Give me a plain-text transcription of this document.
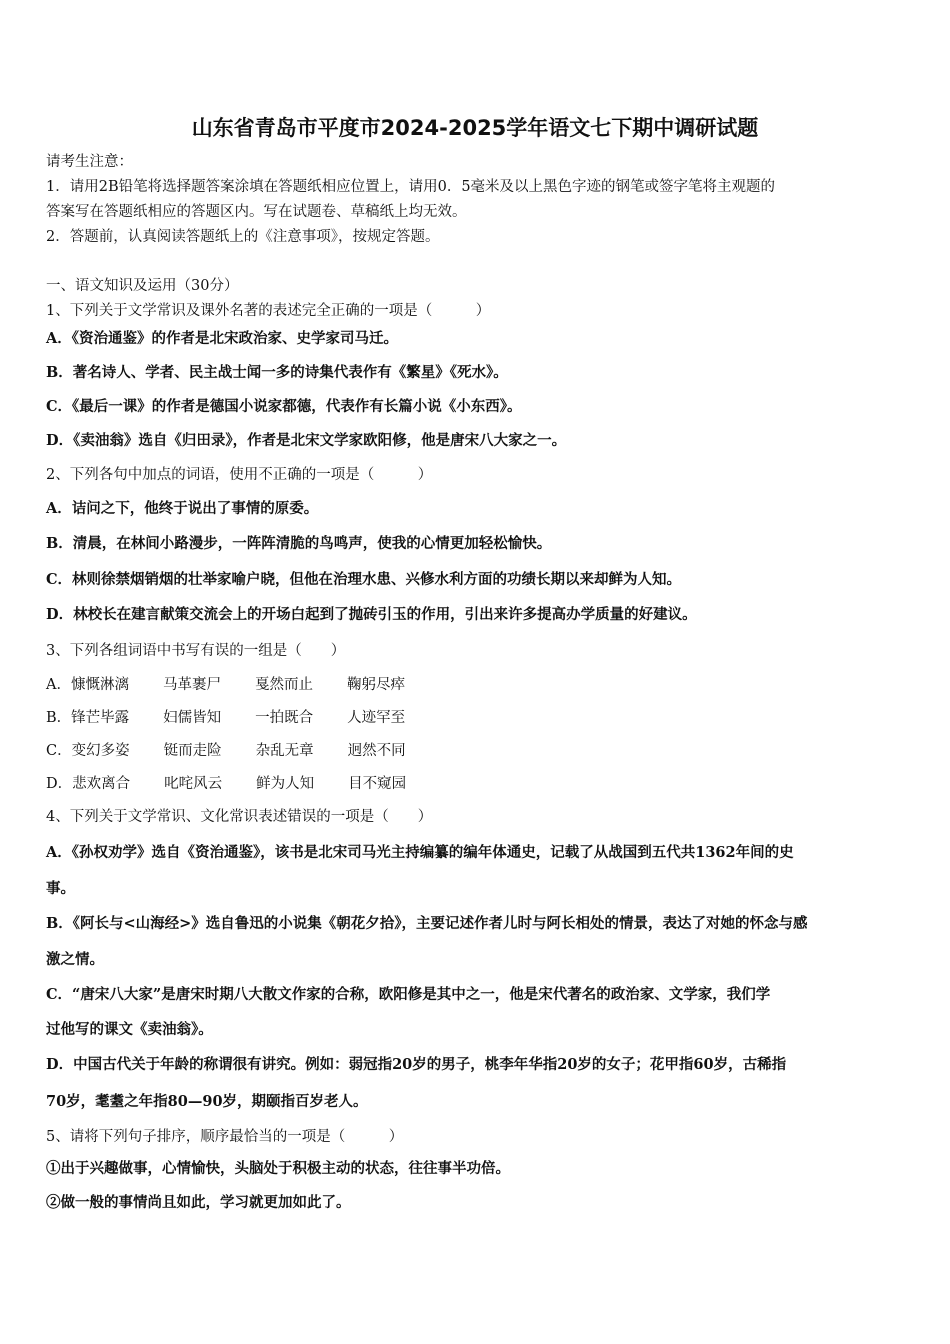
山东省青岛市平度市2024-2025学年语文七下期中调研试题
请考生注意：
1．请用2B铅笔将选择题答案涂填在答题纸相应位置上，请用0．5毫米及以上黑色字迹的钢笔或签字笔将主观题的
答案写在答题纸相应的答题区内。写在试题卷、草稿纸上均无效。
2．答题前，认真阅读答题纸上的《注意事项》，按规定答题。
一、语文知识及运用（30分）
1、下列关于文学常识及课外名著的表述完全正确的一项是（　　　）
A．《资治通鉴》的作者是北宋政治家、史学家司马迁。
B．著名诗人、学者、民主战士闻一多的诗集代表作有《繁星》《死水》。
C．《最后一课》的作者是德国小说家都德，代表作有长篇小说《小东西》。
D．《卖油翁》选自《归田录》，作者是北宋文学家欧阳修，他是唐宋八大家之一。
2、下列各句中加点的词语，使用不正确的一项是（　　　）
A．诘问之下，他终于说出了事情的原委。
B．清晨，在林间小路漫步，一阵阵清脆的鸟鸣声，使我的心情更加轻松愉快。
C．林则徐禁烟销烟的壮举家喻户晓，但他在治理水患、兴修水利方面的功绩长期以来却鲜为人知。
D．林校长在建言献策交流会上的开场白起到了抛砖引玉的作用，引出来许多提高办学质量的好建议。
3、下列各组词语中书写有误的一组是（　　）
A．慷慨淋漓 马革裹尸 戛然而止 鞠躬尽瘁
B．锋芒毕露 妇儒皆知 一拍既合 人迹罕至
C．变幻多姿 铤而走险 杂乱无章 迥然不同
D．悲欢离合 叱咤风云 鲜为人知 目不窥园
4、下列关于文学常识、文化常识表述错误的一项是（　　）
A．《孙权劝学》选自《资治通鉴》，该书是北宋司马光主持编纂的编年体通史，记载了从战国到五代共1362年间的史
事。
B．《阿长与<山海经>》选自鲁迅的小说集《朝花夕拾》，主要记述作者儿时与阿长相处的情景，表达了对她的怀念与感
激之情。
C．“唐宋八大家”是唐宋时期八大散文作家的合称，欧阳修是其中之一，他是宋代著名的政治家、文学家，我们学
过他写的课文《卖油翁》。
D．中国古代关于年龄的称谓很有讲究。例如：弱冠指20岁的男子，桃李年华指20岁的女子；花甲指60岁，古稀指
70岁，耄耋之年指80—90岁，期颐指百岁老人。
5、请将下列句子排序，顺序最恰当的一项是（　　　）
①出于兴趣做事，心情愉快，头脑处于积极主动的状态，往往事半功倍。
②做一般的事情尚且如此，学习就更加如此了。
